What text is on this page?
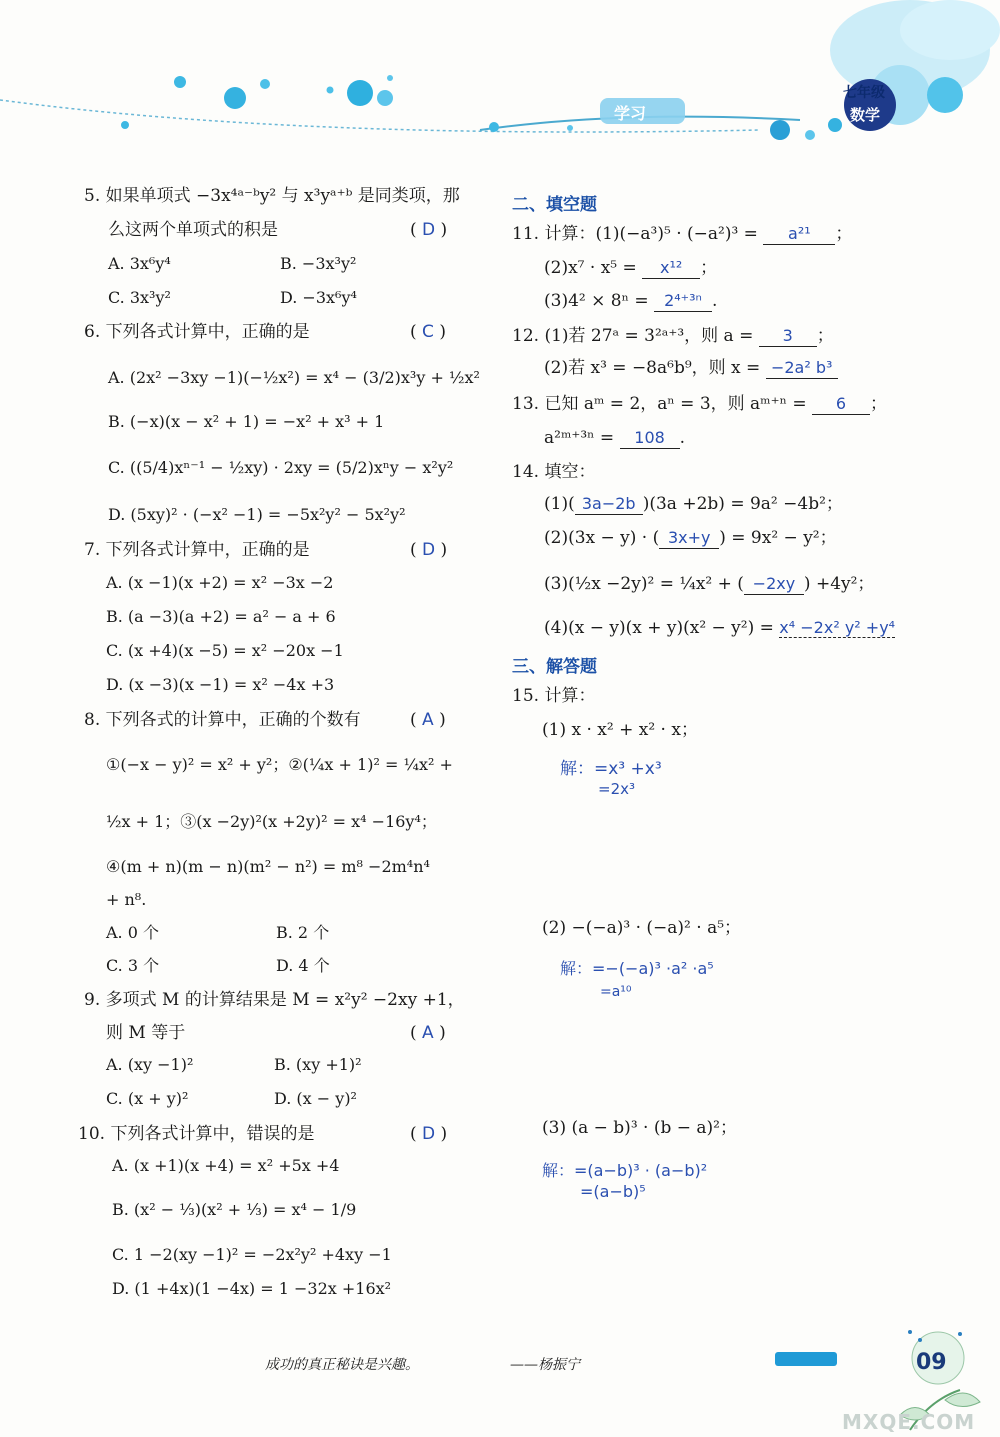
学习
七年级
数学
5. 如果单项式 −3x⁴ᵃ⁻ᵇy² 与 x³yᵃ⁺ᵇ 是同类项，那
么这两个单项式的积是	( D )
A. 3x⁶y⁴	B. −3x³y²
C. 3x³y²	D. −3x⁶y⁴
6. 下列各式计算中，正确的是	( C )
A. (2x² −3xy −1)(−½x²) = x⁴ − (3/2)x³y + ½x²
B. (−x)(x − x² + 1) = −x² + x³ + 1
C. ((5/4)xⁿ⁻¹ − ½xy) · 2xy = (5/2)xⁿy − x²y²
D. (5xy)² · (−x² −1) = −5x²y² − 5x²y²
7. 下列各式计算中，正确的是	( D )
A. (x −1)(x +2) = x² −3x −2
B. (a −3)(a +2) = a² − a + 6
C. (x +4)(x −5) = x² −20x −1
D. (x −3)(x −1) = x² −4x +3
8. 下列各式的计算中，正确的个数有	( A )
①(−x − y)² = x² + y²；②(¼x + 1)² = ¼x² +
½x + 1；③(x −2y)²(x +2y)² = x⁴ −16y⁴；
④(m + n)(m − n)(m² − n²) = m⁸ −2m⁴n⁴
+ n⁸.
A. 0 个	B. 2 个
C. 3 个	D. 4 个
9. 多项式 M 的计算结果是 M = x²y² −2xy +1，
则 M 等于	( A )
A. (xy −1)²	B. (xy +1)²
C. (x + y)²	D. (x − y)²
10. 下列各式计算中，错误的是	( D )
A. (x +1)(x +4) = x² +5x +4
B. (x² − ⅓)(x² + ⅓) = x⁴ − 1/9
C. 1 −2(xy −1)² = −2x²y² +4xy −1
D. (1 +4x)(1 −4x) = 1 −32x +16x²
二、填空题
11. 计算：(1)(−a³)⁵ · (−a²)³ = a²¹ ；
(2)x⁷ · x⁵ = x¹² ；
(3)4² × 8ⁿ = 2⁴⁺³ⁿ .
12. (1)若 27ᵃ = 3²ᵃ⁺³，则 a = 3 ；
(2)若 x³ = −8a⁶b⁹，则 x = −2a² b³
13. 已知 aᵐ = 2，aⁿ = 3，则 aᵐ⁺ⁿ = 6 ；
a²ᵐ⁺³ⁿ = 108 .
14. 填空：
(1)( 3a−2b )(3a +2b) = 9a² −4b²；
(2)(3x − y) · ( 3x+y ) = 9x² − y²；
(3)(½x −2y)² = ¼x² + ( −2xy ) +4y²；
(4)(x − y)(x + y)(x² − y²) = x⁴ −2x² y² +y⁴
三、解答题
15. 计算：
(1) x · x² + x² · x；
解：=x³ +x³
=2x³
(2) −(−a)³ · (−a)² · a⁵；
解：=−(−a)³ ·a² ·a⁵
=a¹⁰
(3) (a − b)³ · (b − a)²；
解：=(a−b)³ · (a−b)²
=(a−b)⁵
成功的真正秘诀是兴趣。	——杨振宁	09
MXQE.COM
